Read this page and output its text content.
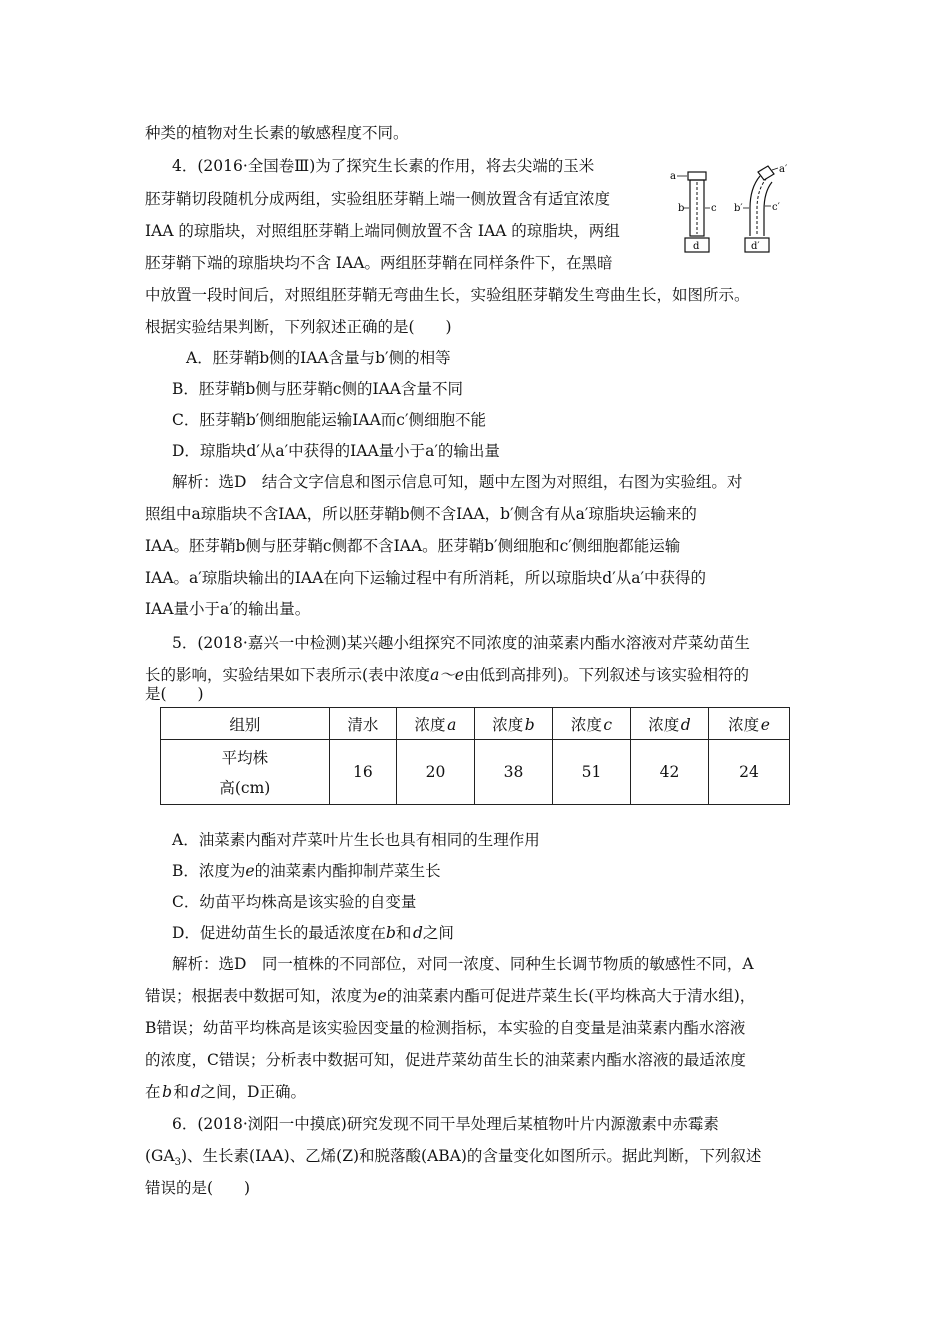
种类的植物对生长素的敏感程度不同。
4．(2016·全国卷Ⅲ)为了探究生长素的作用，将去尖端的玉米
胚芽鞘切段随机分成两组，实验组胚芽鞘上端一侧放置含有适宜浓度
IAA 的琼脂块，对照组胚芽鞘上端同侧放置不含 IAA 的琼脂块，两组
胚芽鞘下端的琼脂块均不含 IAA。两组胚芽鞘在同样条件下，在黑暗
中放置一段时间后，对照组胚芽鞘无弯曲生长，实验组胚芽鞘发生弯曲生长，如图所示。
根据实验结果判断，下列叙述正确的是(　　)
a
b	c
d
a′
b′	c′
d′
A．胚芽鞘b侧的IAA含量与b′侧的相等
B．胚芽鞘b侧与胚芽鞘c侧的IAA含量不同
C．胚芽鞘b′侧细胞能运输IAA而c′侧细胞不能
D．琼脂块d′从a′中获得的IAA量小于a′的输出量
解析：选D　结合文字信息和图示信息可知，题中左图为对照组，右图为实验组。对
照组中a琼脂块不含IAA，所以胚芽鞘b侧不含IAA，b′侧含有从a′琼脂块运输来的
IAA。胚芽鞘b侧与胚芽鞘c侧都不含IAA。胚芽鞘b′侧细胞和c′侧细胞都能运输
IAA。a′琼脂块输出的IAA在向下运输过程中有所消耗，所以琼脂块d′从a′中获得的
IAA量小于a′的输出量。
5．(2018·嘉兴一中检测)某兴趣小组探究不同浓度的油菜素内酯水溶液对芹菜幼苗生
长的影响，实验结果如下表所示(表中浓度a～e由低到高排列)。下列叙述与该实验相符的
是(　　)
组别	清水	浓度 a	浓度 b	浓度 c	浓度 d	浓度 e

平均株
高(cm)	16	20	38	51	42	24
A．油菜素内酯对芹菜叶片生长也具有相同的生理作用
B．浓度为e的油菜素内酯抑制芹菜生长
C．幼苗平均株高是该实验的自变量
D．促进幼苗生长的最适浓度在b和 d之间
解析：选D　同一植株的不同部位，对同一浓度、同种生长调节物质的敏感性不同，A
错误；根据表中数据可知，浓度为e的油菜素内酯可促进芹菜生长(平均株高大于清水组)，
B错误；幼苗平均株高是该实验因变量的检测指标，本实验的自变量是油菜素内酯水溶液
的浓度，C错误；分析表中数据可知，促进芹菜幼苗生长的油菜素内酯水溶液的最适浓度
在 b 和 d之间，D正确。
6．(2018·浏阳一中摸底)研究发现不同干旱处理后某植物叶片内源激素中赤霉素
$(GA_3)$、生长素(IAA)、乙烯(Z)和脱落酸(ABA)的含量变化如图所示。据此判断，下列叙述
错误的是(　　)
